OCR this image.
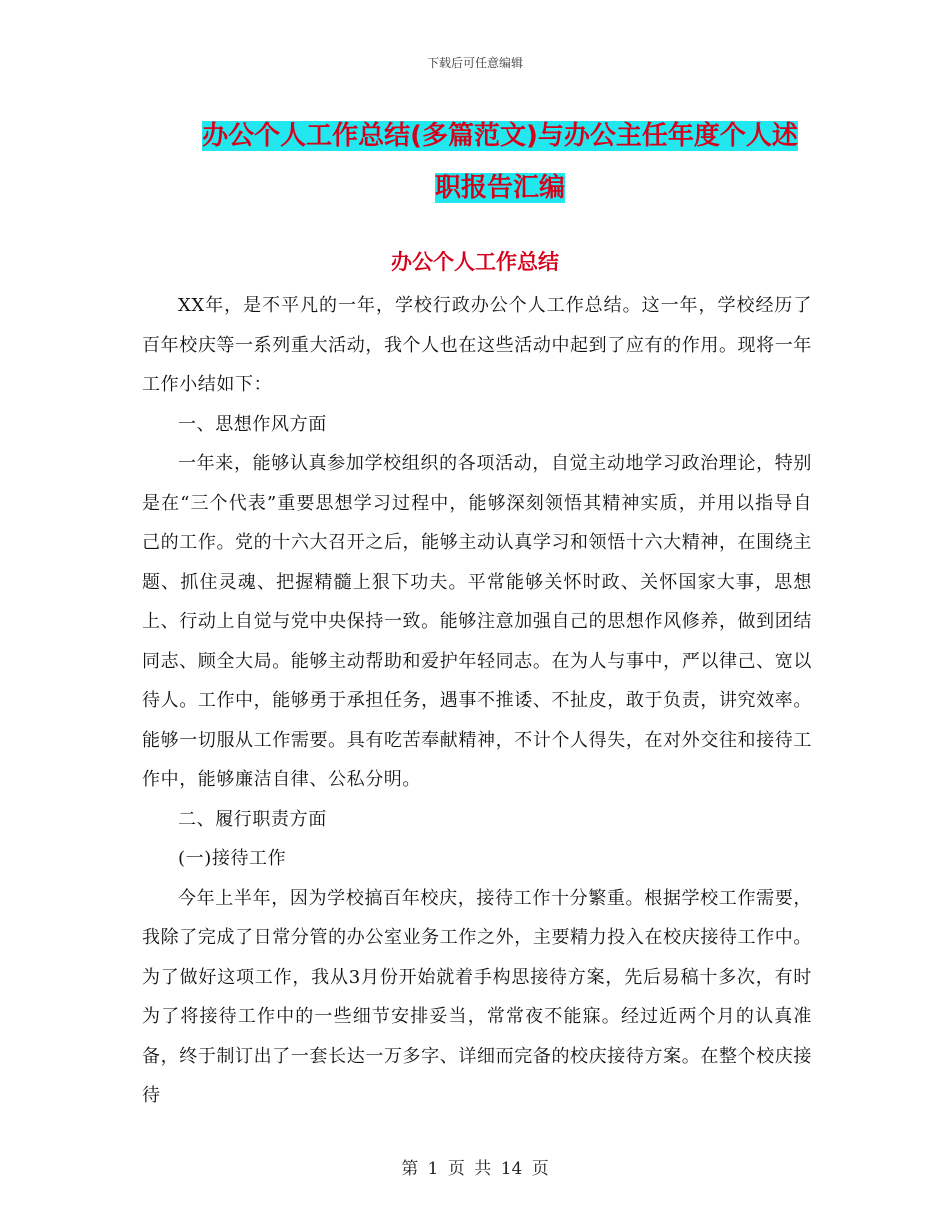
下载后可任意编辑
办公个人工作总结(多篇范文)与办公主任年度个人述
职报告汇编
办公个人工作总结

XX年，是不平凡的一年，学校行政办公个人工作总结。这一年，学校经历了百年校庆等一系列重大活动，我个人也在这些活动中起到了应有的作用。现将一年工作小结如下：

一、思想作风方面

一年来，能够认真参加学校组织的各项活动，自觉主动地学习政治理论，特别是在“三个代表”重要思想学习过程中，能够深刻领悟其精神实质，并用以指导自己的工作。党的十六大召开之后，能够主动认真学习和领悟十六大精神，在围绕主题、抓住灵魂、把握精髓上狠下功夫。平常能够关怀时政、关怀国家大事，思想上、行动上自觉与党中央保持一致。能够注意加强自己的思想作风修养，做到团结同志、顾全大局。能够主动帮助和爱护年轻同志。在为人与事中，严以律己、宽以待人。工作中，能够勇于承担任务，遇事不推诿、不扯皮，敢于负责，讲究效率。能够一切服从工作需要。具有吃苦奉献精神，不计个人得失，在对外交往和接待工作中，能够廉洁自律、公私分明。

二、履行职责方面

(一)接待工作

今年上半年，因为学校搞百年校庆，接待工作十分繁重。根据学校工作需要，我除了完成了日常分管的办公室业务工作之外，主要精力投入在校庆接待工作中。为了做好这项工作，我从3月份开始就着手构思接待方案，先后易稿十多次，有时为了将接待工作中的一些细节安排妥当，常常夜不能寐。经过近两个月的认真准备，终于制订出了一套长达一万多字、详细而完备的校庆接待方案。在整个校庆接待

第 1 页 共 14 页
